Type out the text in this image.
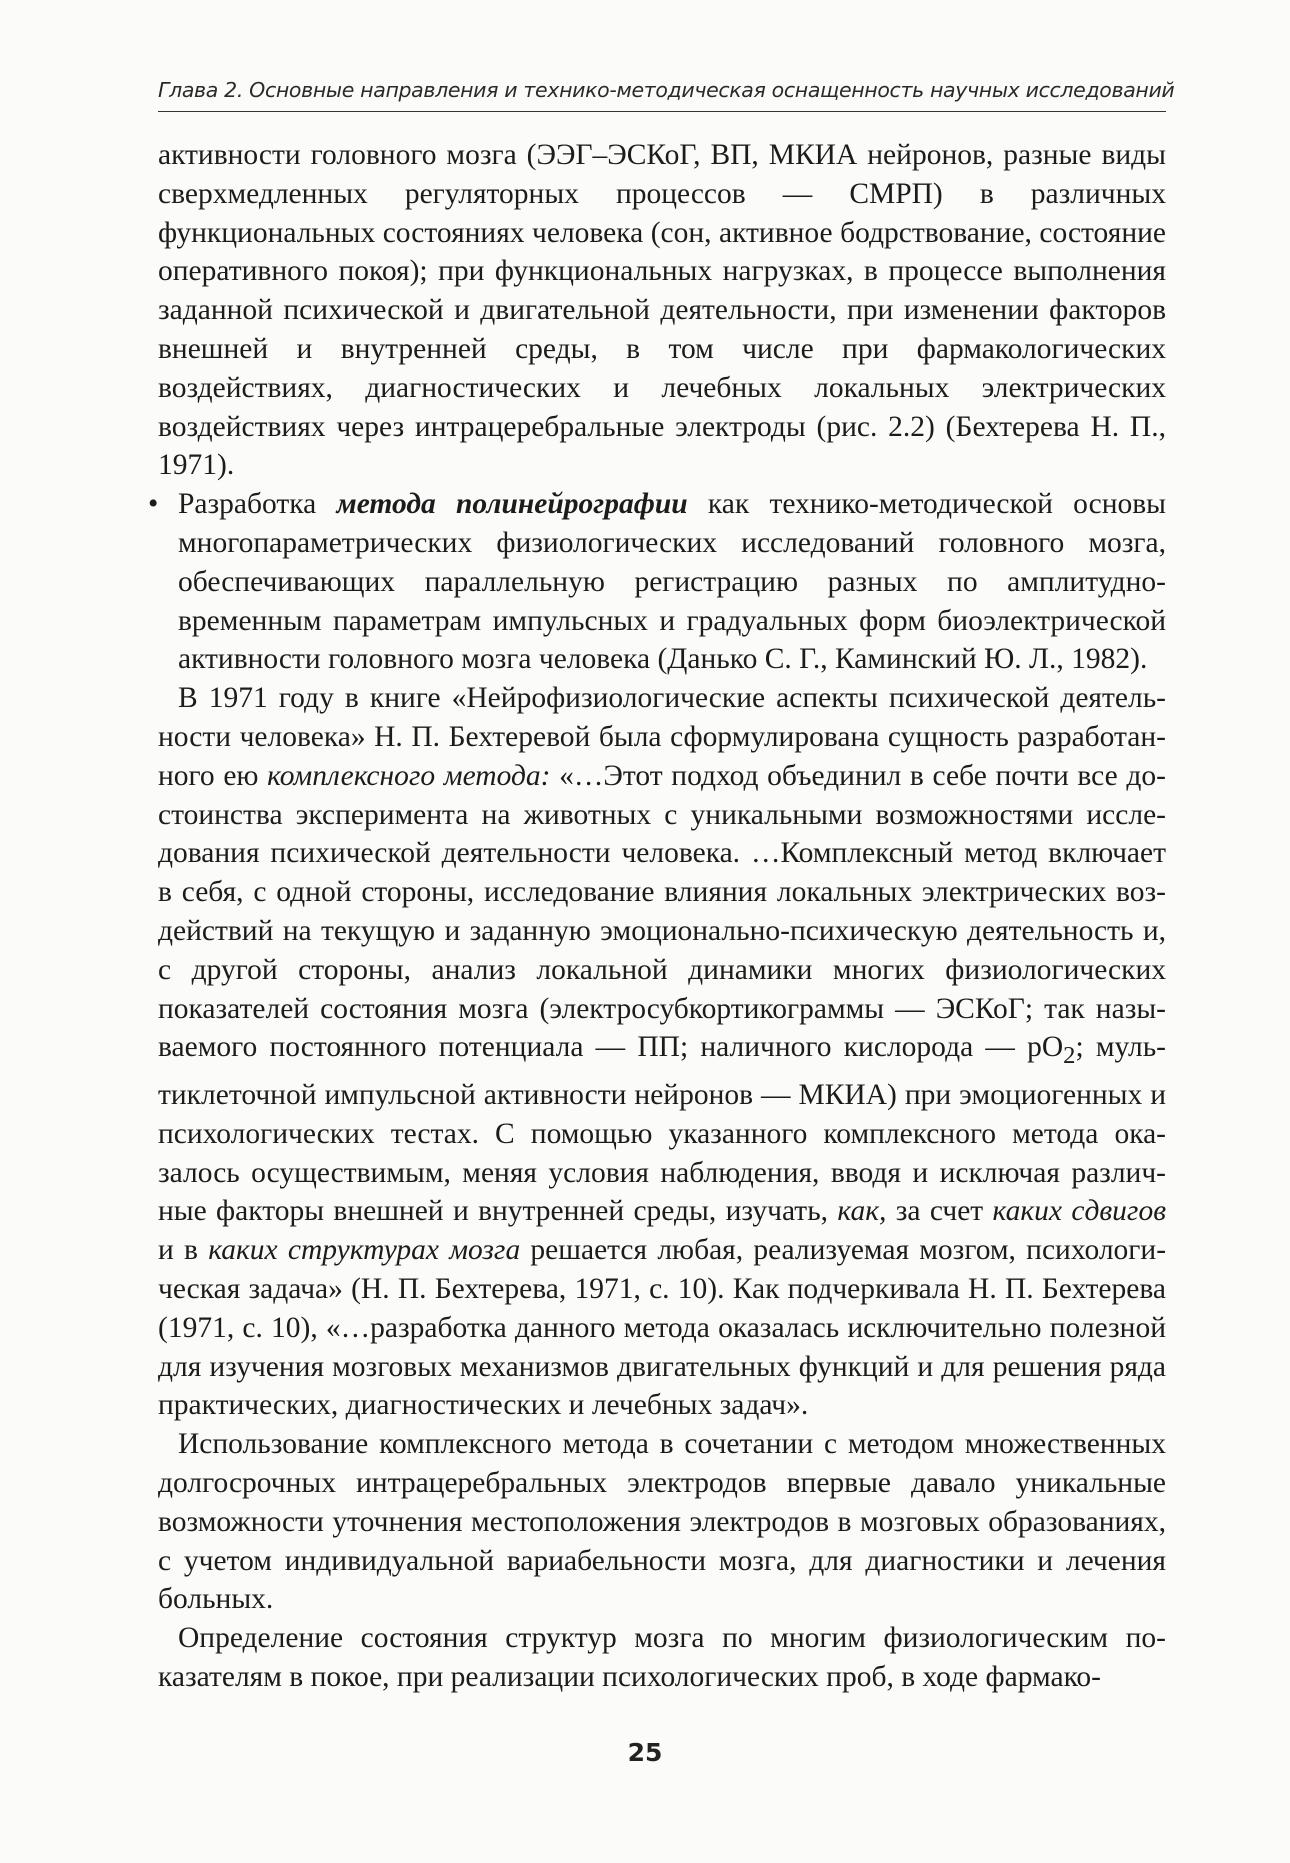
Глава 2. Основные направления и технико-методическая оснащенность научных исследований

активности головного мозга (ЭЭГ–ЭСКоГ, ВП, МКИА нейронов, разные виды сверхмедленных регуляторных процессов — СМРП) в различных функциональных состояниях человека (сон, активное бодрствование, состояние оперативного покоя); при функциональных нагрузках, в процессе выполнения заданной психической и двигательной деятельности, при изменении факторов внешней и внутренней среды, в том числе при фармакологических воздействиях, диагностических и лечебных локальных электрических воздействиях через интрацеребральные электроды (рис. 2.2) (Бехтерева Н. П., 1971).

• Разработка метода полинейрографии как технико-методической основы многопараметрических физиологических исследований головного мозга, обеспечивающих параллельную регистрацию разных по амплитудно-временным параметрам импульсных и градуальных форм биоэлектрической активности головного мозга человека (Данько С. Г., Каминский Ю. Л., 1982).

В 1971 году в книге «Нейрофизиологические аспекты психической деятельности человека» Н. П. Бехтеревой была сформулирована сущность разработанного ею комплексного метода: «…Этот подход объединил в себе почти все достоинства эксперимента на животных с уникальными возможностями исследования психической деятельности человека. …Комплексный метод включает в себя, с одной стороны, исследование влияния локальных электрических воздействий на текущую и заданную эмоционально-психическую деятельность и, с другой стороны, анализ локальной динамики многих физиологических показателей состояния мозга (электросубкортикограммы — ЭСКоГ; так называемого постоянного потенциала — ПП; наличного кислорода — $pO_2$; мультиклеточной импульсной активности нейронов — МКИА) при эмоциогенных и психологических тестах. С помощью указанного комплексного метода оказалось осуществимым, меняя условия наблюдения, вводя и исключая различные факторы внешней и внутренней среды, изучать, как, за счет каких сдвигов и в каких структурах мозга решается любая, реализуемая мозгом, психологическая задача» (Н. П. Бехтерева, 1971, с. 10). Как подчеркивала Н. П. Бехтерева (1971, с. 10), «…разработка данного метода оказалась исключительно полезной для изучения мозговых механизмов двигательных функций и для решения ряда практических, диагностических и лечебных задач».

Использование комплексного метода в сочетании с методом множественных долгосрочных интрацеребральных электродов впервые давало уникальные возможности уточнения местоположения электродов в мозговых образованиях, с учетом индивидуальной вариабельности мозга, для диагностики и лечения больных.

Определение состояния структур мозга по многим физиологическим показателям в покое, при реализации психологических проб, в ходе фармако-

25
